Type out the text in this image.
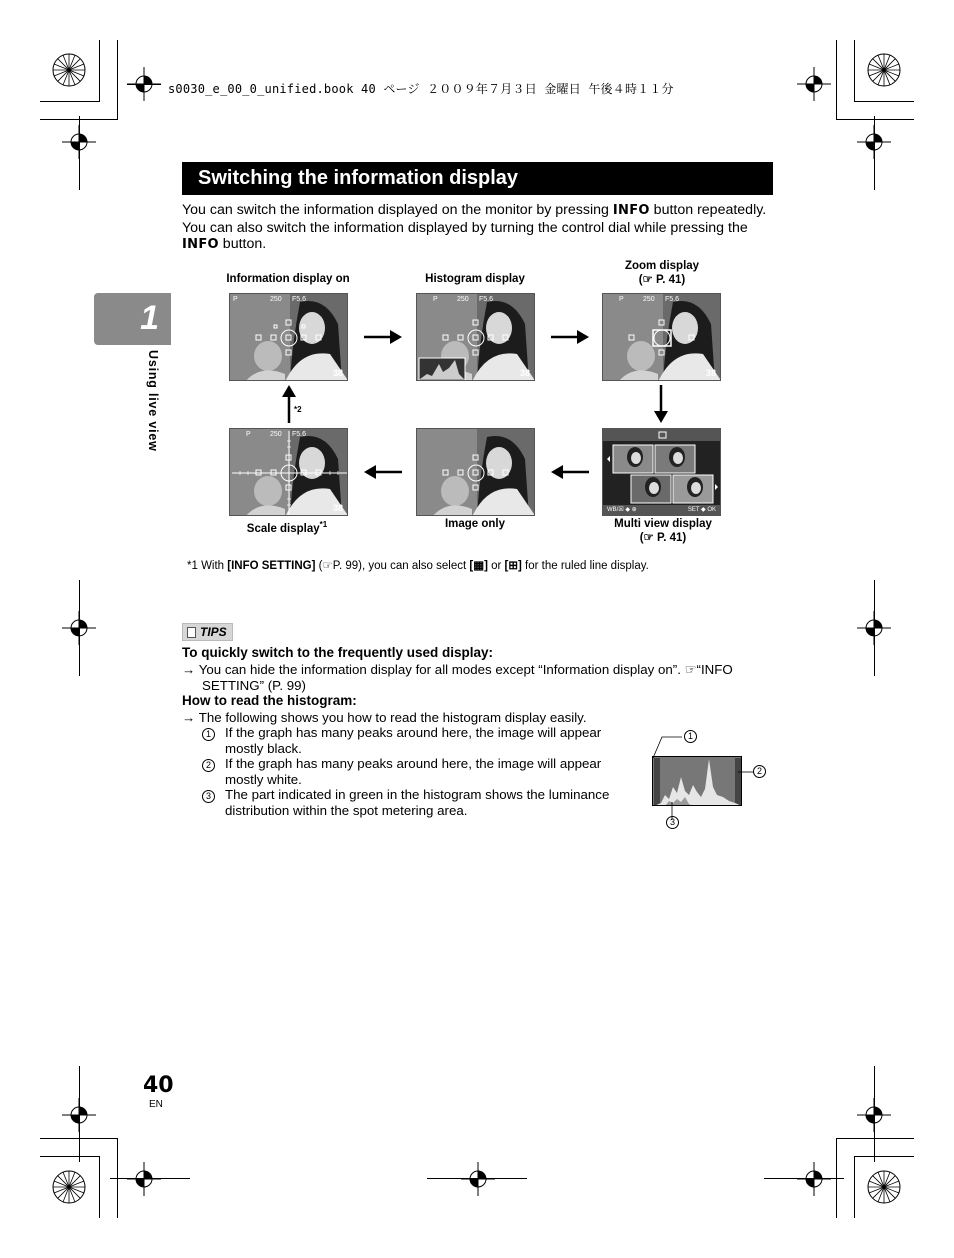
s0030_e_00_0_unified.book 40 ページ ２００９年７月３日 金曜日 午後４時１１分
1
Using live view
Switching the information display
You can switch the information displayed on the monitor by pressing INFO button repeatedly. You can also switch the information displayed by turning the control dial while pressing the INFO button.
Information display on	Histogram display
Zoom display
(☞ P. 41)
Image only
Scale display$^{*1}$	Multi view display
(☞ P. 41)
*2
P	250 F5.6
38
P	250 F5.6
38
P	250 F5.6
38
P	250 F5.6
38	WB/☒ ◆ ⊕	SET ◆ OK
*1 With [INFO SETTING] (☞P. 99), you can also select [▦] or [⊞] for the ruled line display.
TIPS
To quickly switch to the frequently used display:
→ You can hide the information display for all modes except “Information display on”. ☞“INFO
SETTING” (P. 99)
How to read the histogram:
→ The following shows you how to read the histogram display easily.
1	If the graph has many peaks around here, the image will appear
mostly black.
2	If the graph has many peaks around here, the image will appear
mostly white.
3	The part indicated in green in the histogram shows the luminance
distribution within the spot metering area.
1
2
3
40
EN
